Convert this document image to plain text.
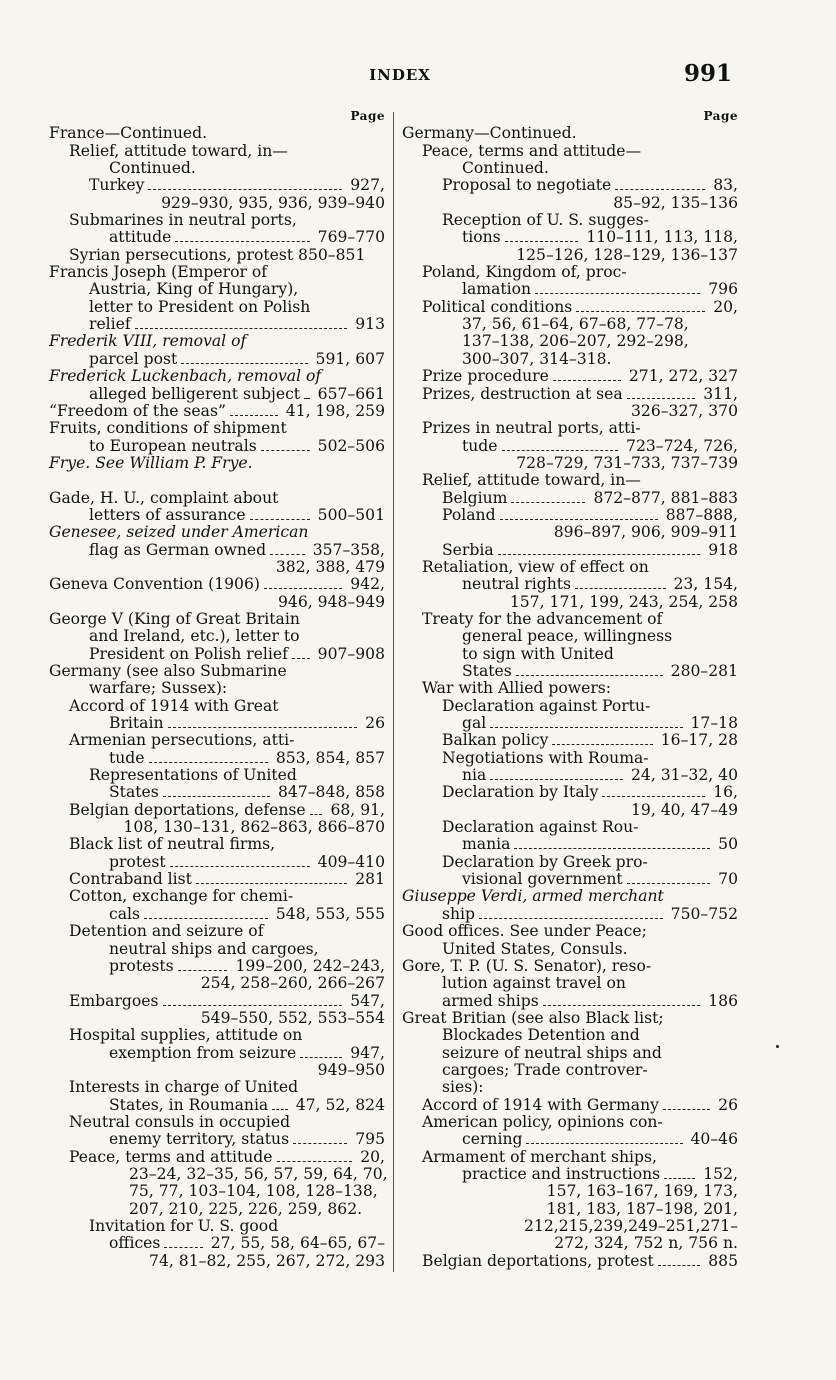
INDEX	991
Page
France—Continued.
Relief, attitude toward, in—
Continued.
Turkey	927,
929–930, 935, 936, 939–940
Submarines in neutral ports,
attitude	769–770
Syrian persecutions, protest 850–851
Francis Joseph (Emperor of
Austria, King of Hungary),
letter to President on Polish
relief	913
Frederik VIII, removal of
parcel post	591, 607
Frederick Luckenbach, removal of
alleged belligerent subject 657–661
“Freedom of the seas”	41, 198, 259
Fruits, conditions of shipment
to European neutrals	502–506
Frye. See William P. Frye.
Gade, H. U., complaint about
letters of assurance	500–501
Genesee, seized under American
flag as German owned	357–358,
382, 388, 479
Geneva Convention (1906)	942,
946, 948–949
George V (King of Great Britain
and Ireland, etc.), letter to
President on Polish relief 907–908
Germany (see also Submarine
warfare; Sussex):
Accord of 1914 with Great
Britain	26
Armenian persecutions, atti-
tude	853, 854, 857
Representations of United
States	847–848, 858
Belgian deportations, defense 68, 91,
108, 130–131, 862–863, 866–870
Black list of neutral firms,
protest	409–410
Contraband list	281
Cotton, exchange for chemi-
cals	548, 553, 555
Detention and seizure of
neutral ships and cargoes,
protests	199–200, 242–243,
254, 258–260, 266–267
Embargoes	547,
549–550, 552, 553–554
Hospital supplies, attitude on
exemption from seizure	947,
949–950
Interests in charge of United
States, in Roumania 47, 52, 824
Neutral consuls in occupied
enemy territory, status	795
Peace, terms and attitude	20,
23–24, 32–35, 56, 57, 59, 64, 70,
75, 77, 103–104, 108, 128–138,
207, 210, 225, 226, 259, 862.
Invitation for U. S. good
offices	27, 55, 58, 64–65, 67–
74, 81–82, 255, 267, 272, 293
Page
Germany—Continued.
Peace, terms and attitude—
Continued.
Proposal to negotiate	83,
85–92, 135–136
Reception of U. S. sugges-
tions	110–111, 113, 118,
125–126, 128–129, 136–137
Poland, Kingdom of, proc-
lamation	796
Political conditions	20,
37, 56, 61–64, 67–68, 77–78,
137–138, 206–207, 292–298,
300–307, 314–318.
Prize procedure	271, 272, 327
Prizes, destruction at sea	311,
326–327, 370
Prizes in neutral ports, atti-
tude	723–724, 726,
728–729, 731–733, 737–739
Relief, attitude toward, in—
Belgium	872–877, 881–883
Poland	887–888,
896–897, 906, 909–911
Serbia	918
Retaliation, view of effect on
neutral rights	23, 154,
157, 171, 199, 243, 254, 258
Treaty for the advancement of
general peace, willingness
to sign with United
States	280–281
War with Allied powers:
Declaration against Portu-
gal	17–18
Balkan policy	16–17, 28
Negotiations with Rouma-
nia	24, 31–32, 40
Declaration by Italy	16,
19, 40, 47–49
Declaration against Rou-
mania	50
Declaration by Greek pro-
visional government	70
Giuseppe Verdi, armed merchant
ship	750–752
Good offices. See under Peace;
United States, Consuls.
Gore, T. P. (U. S. Senator), reso-
lution against travel on
armed ships	186
Great Britian (see also Black list;
Blockades Detention and
seizure of neutral ships and
cargoes; Trade controver-
sies):
Accord of 1914 with Germany	26
American policy, opinions con-
cerning	40–46
Armament of merchant ships,
practice and instructions	152,
157, 163–167, 169, 173,
181, 183, 187–198, 201,
212,215,239,249–251,271–
272, 324, 752 n, 756 n.
Belgian deportations, protest	885
